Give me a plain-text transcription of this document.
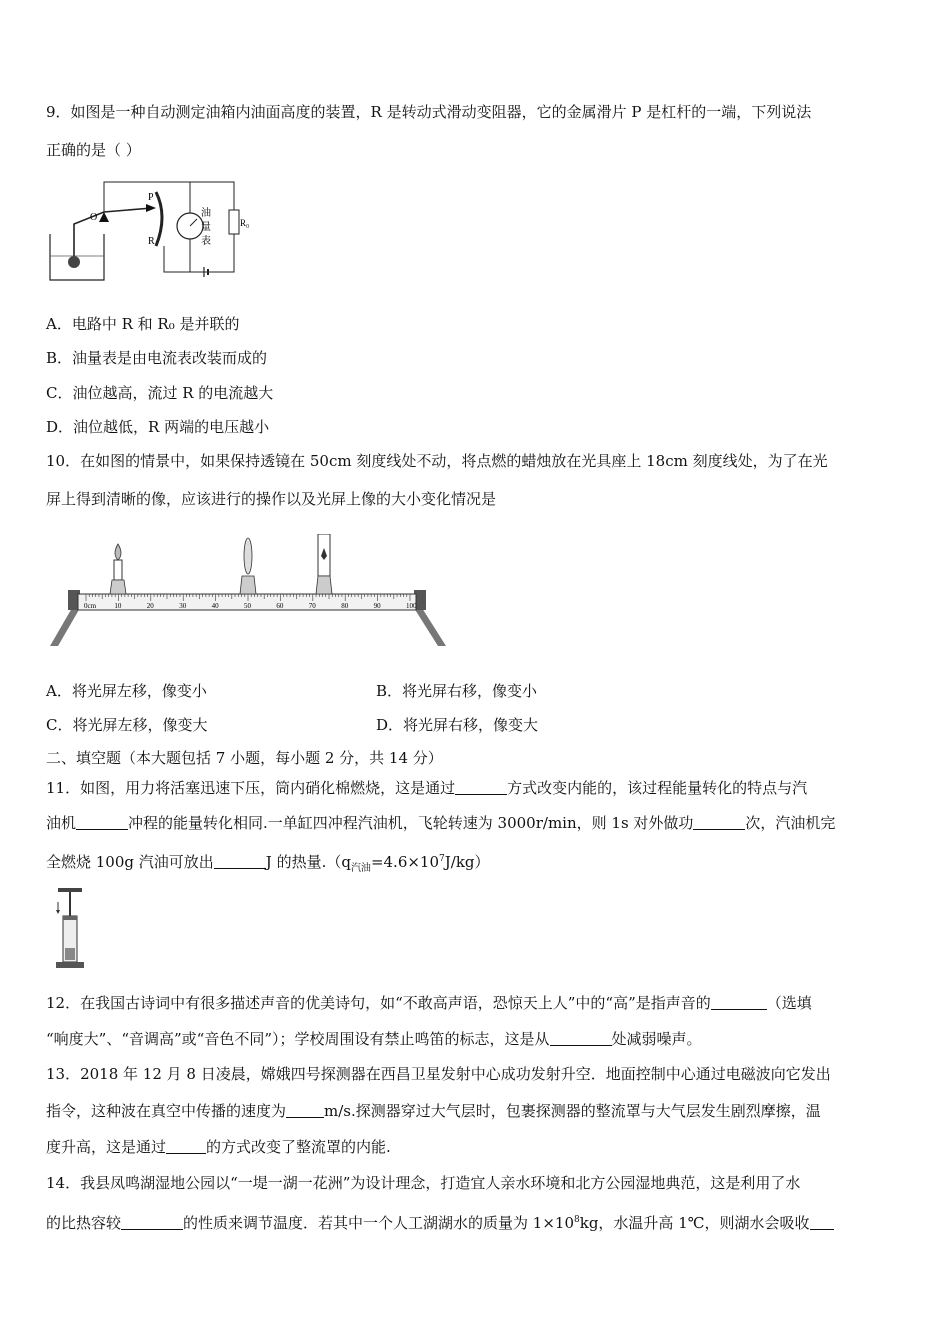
9．如图是一种自动测定油箱内油面高度的装置，R 是转动式滑动变阻器，它的金属滑片 P 是杠杆的一端，下列说法
正确的是（ ）
O
P
R
油
量
表
R₀
A．电路中 R 和 R₀ 是并联的
B．油量表是由电流表改装而成的
C．油位越高，流过 R 的电流越大
D．油位越低，R 两端的电压越小
10．在如图的情景中，如果保持透镜在 50cm 刻度线处不动，将点燃的蜡烛放在光具座上 18cm 刻度线处，为了在光
屏上得到清晰的像，应该进行的操作以及光屏上像的大小变化情况是
0cm	10	20	30	40	50	60	70	80	90	100
A．将光屏左移，像变小	B．将光屏右移，像变小
C．将光屏左移，像变大	D．将光屏右移，像变大
二、填空题（本大题包括 7 小题，每小题 2 分，共 14 分）
11．如图，用力将活塞迅速下压，筒内硝化棉燃烧，这是通过	方式改变内能的，该过程能量转化的特点与汽
油机	冲程的能量转化相同.一单缸四冲程汽油机，飞轮转速为 3000r/min，则 1s 对外做功	次，汽油机完
全燃烧 100g 汽油可放出	J 的热量$.(q_{汽油}=4.6\times 10^7J/kg)$
12．在我国古诗词中有很多描述声音的优美诗句，如“不敢高声语，恐惊天上人”中的“高”是指声音的	（选填
“响度大”、“音调高”或“音色不同”）；学校周围设有禁止鸣笛的标志，这是从	处减弱噪声。
13．2018 年 12 月 8 日凌晨，嫦娥四号探测器在西昌卫星发射中心成功发射升空．地面控制中心通过电磁波向它发出
指令，这种波在真空中传播的速度为	m/s.探测器穿过大气层时，包裹探测器的整流罩与大气层发生剧烈摩擦，温
度升高，这是通过	的方式改变了整流罩的内能.
14．我县凤鸣湖湿地公园以“一堤一湖一花洲”为设计理念，打造宜人亲水环境和北方公园湿地典范，这是利用了水
的比热容较	的性质来调节温度．若其中一个人工湖湖水的质量为 $1\times 10^8kg$，水温升高 1℃，则湖水会吸收
